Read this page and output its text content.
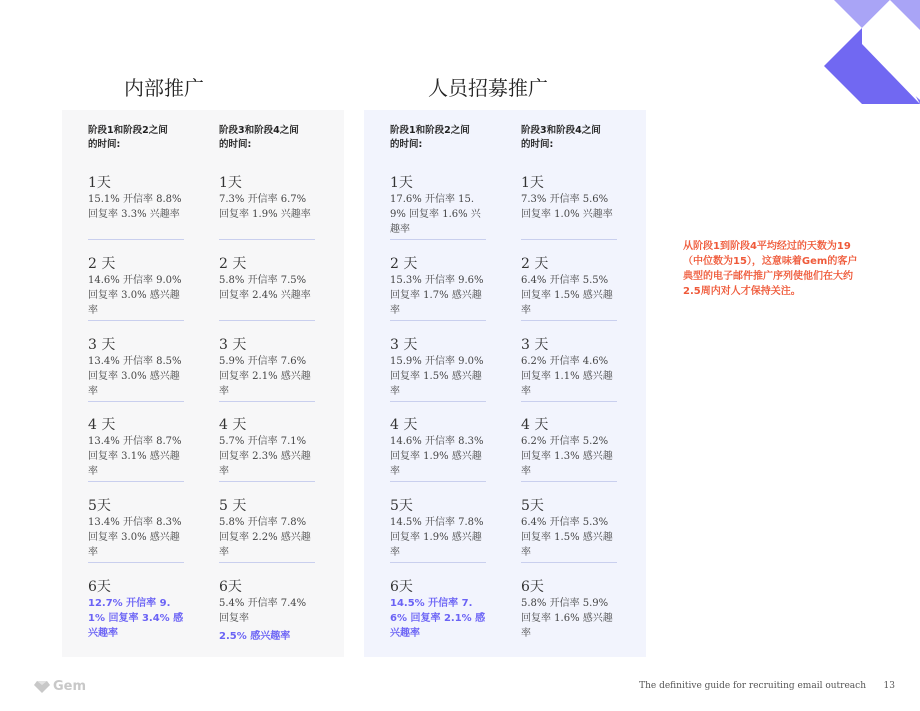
内部推广	人员招募推广
阶段1和阶段2之间
的时间:
1天
15.1% 开信率 8.8% 回复率 3.3% 兴趣率
2 天
14.6% 开信率 9.0% 回复率 3.0% 感兴趣率
3 天
13.4% 开信率 8.5% 回复率 3.0% 感兴趣率
4 天
13.4% 开信率 8.7% 回复率 3.1% 感兴趣率
5天
13.4% 开信率 8.3% 回复率 3.0% 感兴趣率
6天
12.7% 开信率 9.1% 回复率 3.4% 感兴趣率
阶段3和阶段4之间
的时间:
1天
7.3% 开信率 6.7% 回复率 1.9% 兴趣率
2 天
5.8% 开信率 7.5% 回复率 2.4% 兴趣率
3 天
5.9% 开信率 7.6% 回复率 2.1% 感兴趣率
4 天
5.7% 开信率 7.1% 回复率 2.3% 感兴趣率
5 天
5.8% 开信率 7.8% 回复率 2.2% 感兴趣率
6天
5.4% 开信率 7.4% 回复率
2.5% 感兴趣率
阶段1和阶段2之间
的时间:
1天
17.6% 开信率 15.9% 回复率 1.6% 兴趣率
2 天
15.3% 开信率 9.6% 回复率 1.7% 感兴趣率
3 天
15.9% 开信率 9.0% 回复率 1.5% 感兴趣率
4 天
14.6% 开信率 8.3% 回复率 1.9% 感兴趣率
5天
14.5% 开信率 7.8% 回复率 1.9% 感兴趣率
6天
14.5% 开信率 7.6% 回复率 2.1% 感兴趣率
阶段3和阶段4之间
的时间:
1天
7.3% 开信率 5.6% 回复率 1.0% 兴趣率
2 天
6.4% 开信率 5.5% 回复率 1.5% 感兴趣率
3 天
6.2% 开信率 4.6% 回复率 1.1% 感兴趣率
4 天
6.2% 开信率 5.2% 回复率 1.3% 感兴趣率
5天
6.4% 开信率 5.3% 回复率 1.5% 感兴趣率
6天
5.8% 开信率 5.9% 回复率 1.6% 感兴趣率
从阶段1到阶段4平均经过的天数为19（中位数为15），这意味着Gem的客户典型的电子邮件推广序列使他们在大约2.5周内对人才保持关注。
Gem	The definitive guide for recruiting email outreach 13
